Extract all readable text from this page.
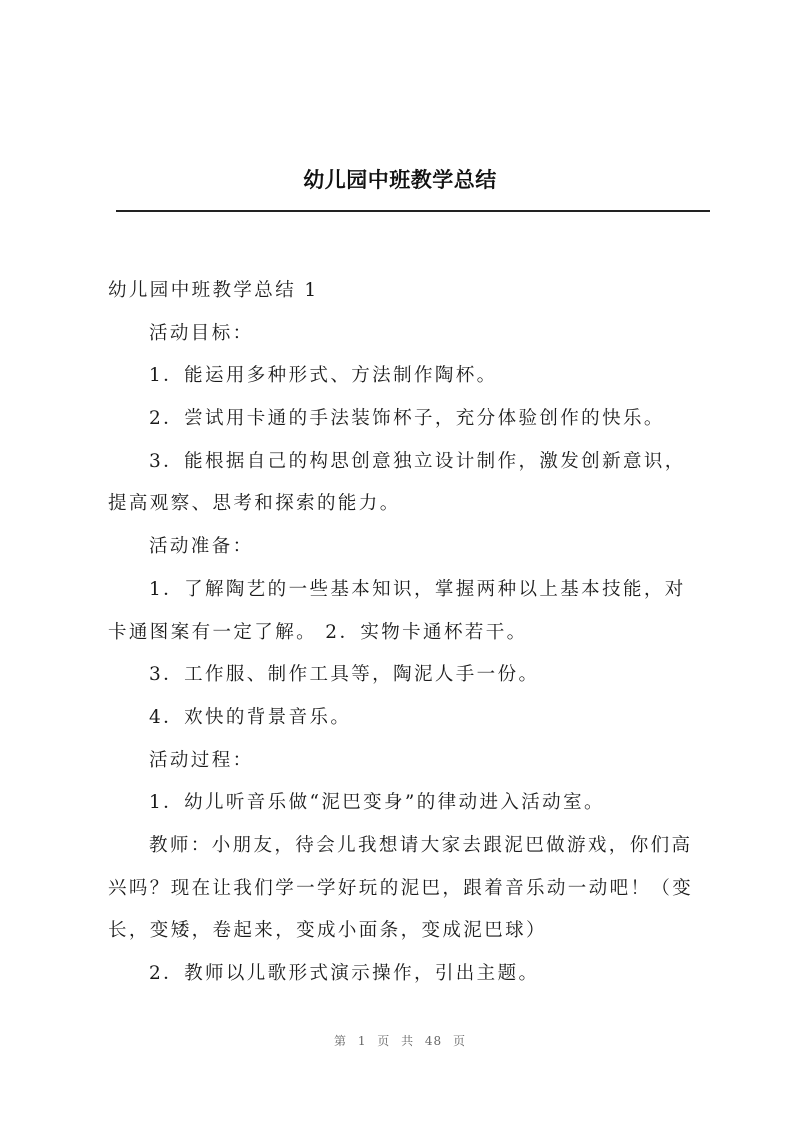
幼儿园中班教学总结
幼儿园中班教学总结 1
活动目标：
1．能运用多种形式、方法制作陶杯。
2．尝试用卡通的手法装饰杯子，充分体验创作的快乐。
3．能根据自己的构思创意独立设计制作，激发创新意识，
提高观察、思考和探索的能力。
活动准备：
1．了解陶艺的一些基本知识，掌握两种以上基本技能，对
卡通图案有一定了解。 2．实物卡通杯若干。
3．工作服、制作工具等，陶泥人手一份。
4．欢快的背景音乐。
活动过程：
1．幼儿听音乐做“泥巴变身”的律动进入活动室。
教师：小朋友，待会儿我想请大家去跟泥巴做游戏，你们高
兴吗？现在让我们学一学好玩的泥巴，跟着音乐动一动吧！（变
长，变矮，卷起来，变成小面条，变成泥巴球）
2．教师以儿歌形式演示操作，引出主题。
第 1 页 共 48 页
